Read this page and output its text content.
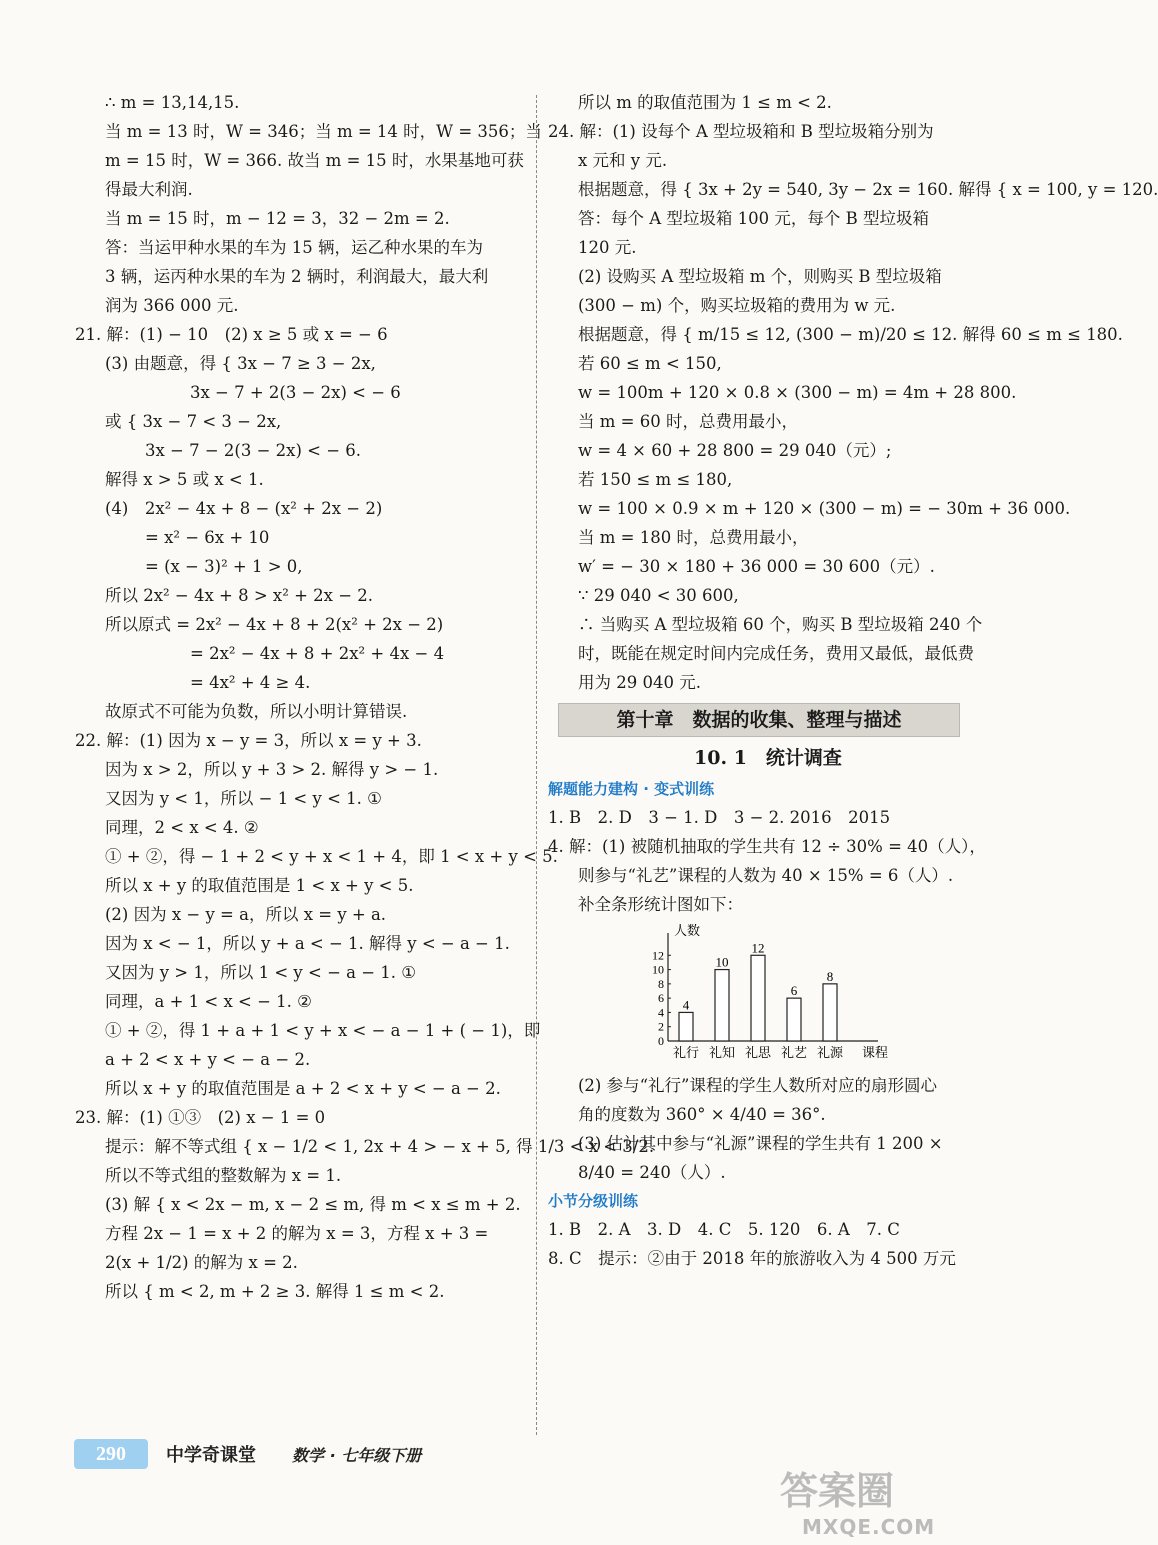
∴ m = 13,14,15.
当 m = 13 时，W = 346；当 m = 14 时，W = 356；当
m = 15 时，W = 366. 故当 m = 15 时，水果基地可获
得最大利润.
当 m = 15 时，m − 12 = 3，32 − 2m = 2.
答：当运甲种水果的车为 15 辆，运乙种水果的车为
3 辆，运丙种水果的车为 2 辆时，利润最大，最大利
润为 366 000 元.
21. 解：(1) − 10　(2) x ≥ 5 或 x = − 6
(3) 由题意，得 { 3x − 7 ≥ 3 − 2x,
3x − 7 + 2(3 − 2x) < − 6
或 { 3x − 7 < 3 − 2x,
3x − 7 − 2(3 − 2x) < − 6.
解得 x > 5 或 x < 1.
(4)　2x² − 4x + 8 − (x² + 2x − 2)
= x² − 6x + 10
= (x − 3)² + 1 > 0,
所以 2x² − 4x + 8 > x² + 2x − 2.
所以原式 = 2x² − 4x + 8 + 2(x² + 2x − 2)
= 2x² − 4x + 8 + 2x² + 4x − 4
= 4x² + 4 ≥ 4.
故原式不可能为负数，所以小明计算错误.
22. 解：(1) 因为 x − y = 3，所以 x = y + 3.
因为 x > 2，所以 y + 3 > 2. 解得 y > − 1.
又因为 y < 1，所以 − 1 < y < 1. ①
同理，2 < x < 4. ②
① + ②，得 − 1 + 2 < y + x < 1 + 4，即 1 < x + y < 5.
所以 x + y 的取值范围是 1 < x + y < 5.
(2) 因为 x − y = a，所以 x = y + a.
因为 x < − 1，所以 y + a < − 1. 解得 y < − a − 1.
又因为 y > 1，所以 1 < y < − a − 1. ①
同理，a + 1 < x < − 1. ②
① + ②，得 1 + a + 1 < y + x < − a − 1 + ( − 1)，即
a + 2 < x + y < − a − 2.
所以 x + y 的取值范围是 a + 2 < x + y < − a − 2.
23. 解：(1) ①③　(2) x − 1 = 0
提示：解不等式组 { x − 1/2 < 1, 2x + 4 > − x + 5, 得 1/3 < x < 3/2.
所以不等式组的整数解为 x = 1.
(3) 解 { x < 2x − m, x − 2 ≤ m, 得 m < x ≤ m + 2.
方程 2x − 1 = x + 2 的解为 x = 3，方程 x + 3 =
2(x + 1/2) 的解为 x = 2.
所以 { m < 2, m + 2 ≥ 3. 解得 1 ≤ m < 2.
所以 m 的取值范围为 1 ≤ m < 2.
24. 解：(1) 设每个 A 型垃圾箱和 B 型垃圾箱分别为
x 元和 y 元.
根据题意，得 { 3x + 2y = 540, 3y − 2x = 160. 解得 { x = 100, y = 120.
答：每个 A 型垃圾箱 100 元，每个 B 型垃圾箱
120 元.
(2) 设购买 A 型垃圾箱 m 个，则购买 B 型垃圾箱
(300 − m) 个，购买垃圾箱的费用为 w 元.
根据题意，得 { m/15 ≤ 12, (300 − m)/20 ≤ 12. 解得 60 ≤ m ≤ 180.
若 60 ≤ m < 150,
w = 100m + 120 × 0.8 × (300 − m) = 4m + 28 800.
当 m = 60 时，总费用最小，
w = 4 × 60 + 28 800 = 29 040（元）;
若 150 ≤ m ≤ 180,
w = 100 × 0.9 × m + 120 × (300 − m) = − 30m + 36 000.
当 m = 180 时，总费用最小，
w′ = − 30 × 180 + 36 000 = 30 600（元）.
∵ 29 040 < 30 600,
∴ 当购买 A 型垃圾箱 60 个，购买 B 型垃圾箱 240 个
时，既能在规定时间内完成任务，费用又最低，最低费
用为 29 040 元.
第十章　数据的收集、整理与描述
10. 1　统计调查
解题能力建构 · 变式训练
1. B　2. D　3 − 1. D　3 − 2. 2016　2015
4. 解：(1) 被随机抽取的学生共有 12 ÷ 30% = 40（人），
则参与“礼艺”课程的人数为 40 × 15% = 6（人）.
补全条形统计图如下：
人数
0
2
4
6
8
10
12
4
礼行
10
礼知
12
礼思
6
礼艺
8
礼源 课程
(2) 参与“礼行”课程的学生人数所对应的扇形圆心
角的度数为 360° × 4/40 = 36°.
(3) 估计其中参与“礼源”课程的学生共有 1 200 ×
8/40 = 240（人）.
小节分级训练
1. B　2. A　3. D　4. C　5. 120　6. A　7. C
8. C　提示：②由于 2018 年的旅游收入为 4 500 万元
290	中学奇课堂 数学 · 七年级下册
答案圈
MXQE.COM
